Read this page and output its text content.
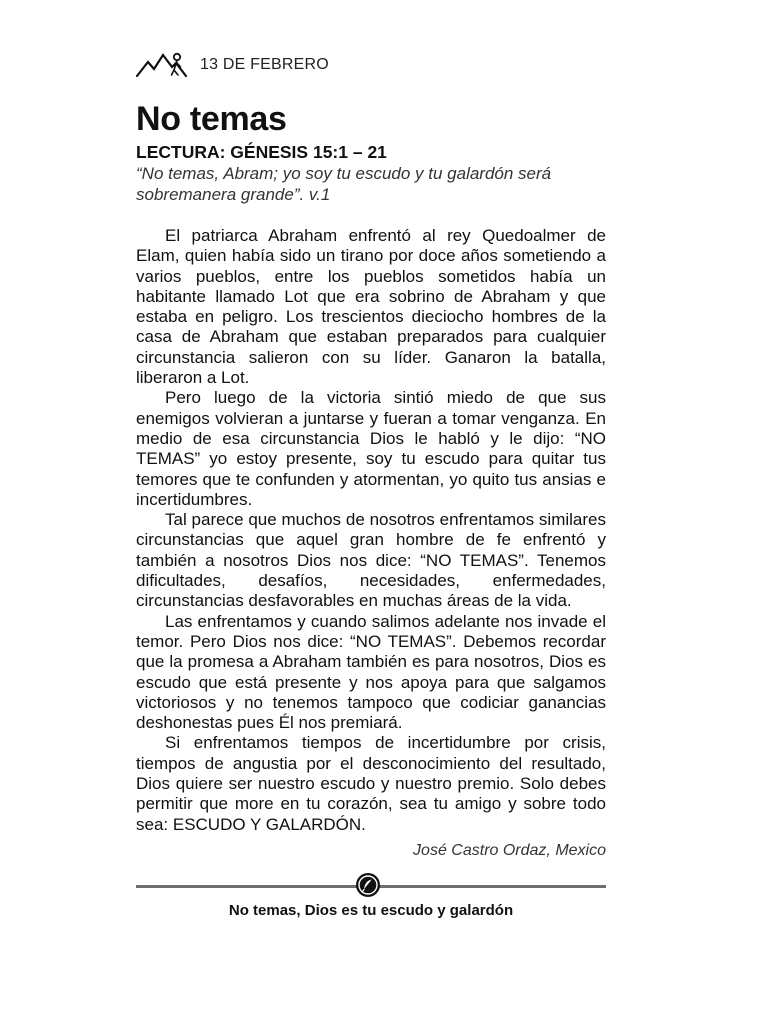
13 DE FEBRERO
No temas
LECTURA: GÉNESIS 15:1 – 21

“No temas, Abram; yo soy tu escudo y tu galardón será sobremanera grande”. v.1

El patriarca Abraham enfrentó al rey Quedoalmer de Elam, quien había sido un tirano por doce años sometiendo a varios pueblos, entre los pueblos sometidos había un habitante llamado Lot que era sobrino de Abraham y que estaba en peligro. Los trescientos dieciocho hombres de la casa de Abraham que estaban preparados para cualquier circunstancia salieron con su líder. Ganaron la batalla, liberaron a Lot.

Pero luego de la victoria sintió miedo de que sus enemigos volvieran a juntarse y fueran a tomar venganza. En medio de esa circunstancia Dios le habló y le dijo: “NO TEMAS” yo estoy presente, soy tu escudo para quitar tus temores que te confunden y atormentan, yo quito tus ansias e incertidumbres.

Tal parece que muchos de nosotros enfrentamos similares circunstancias que aquel gran hombre de fe enfrentó y también a nosotros Dios nos dice: “NO TEMAS”. Tenemos dificultades, desafíos, necesidades, enfermedades, circunstancias desfavorables en muchas áreas de la vida.

Las enfrentamos y cuando salimos adelante nos invade el temor. Pero Dios nos dice: “NO TEMAS”. Debemos recordar que la promesa a Abraham también es para nosotros, Dios es escudo que está presente y nos apoya para que salgamos victoriosos y no tenemos tampoco que codiciar ganancias deshonestas pues Él nos premiará.

Si enfrentamos tiempos de incertidumbre por crisis, tiempos de angustia por el desconocimiento del resultado, Dios quiere ser nuestro escudo y nuestro premio. Solo debes permitir que more en tu corazón, sea tu amigo y sobre todo sea: ESCUDO Y GALARDÓN.

José Castro Ordaz, Mexico
No temas, Dios es tu escudo y galardón
